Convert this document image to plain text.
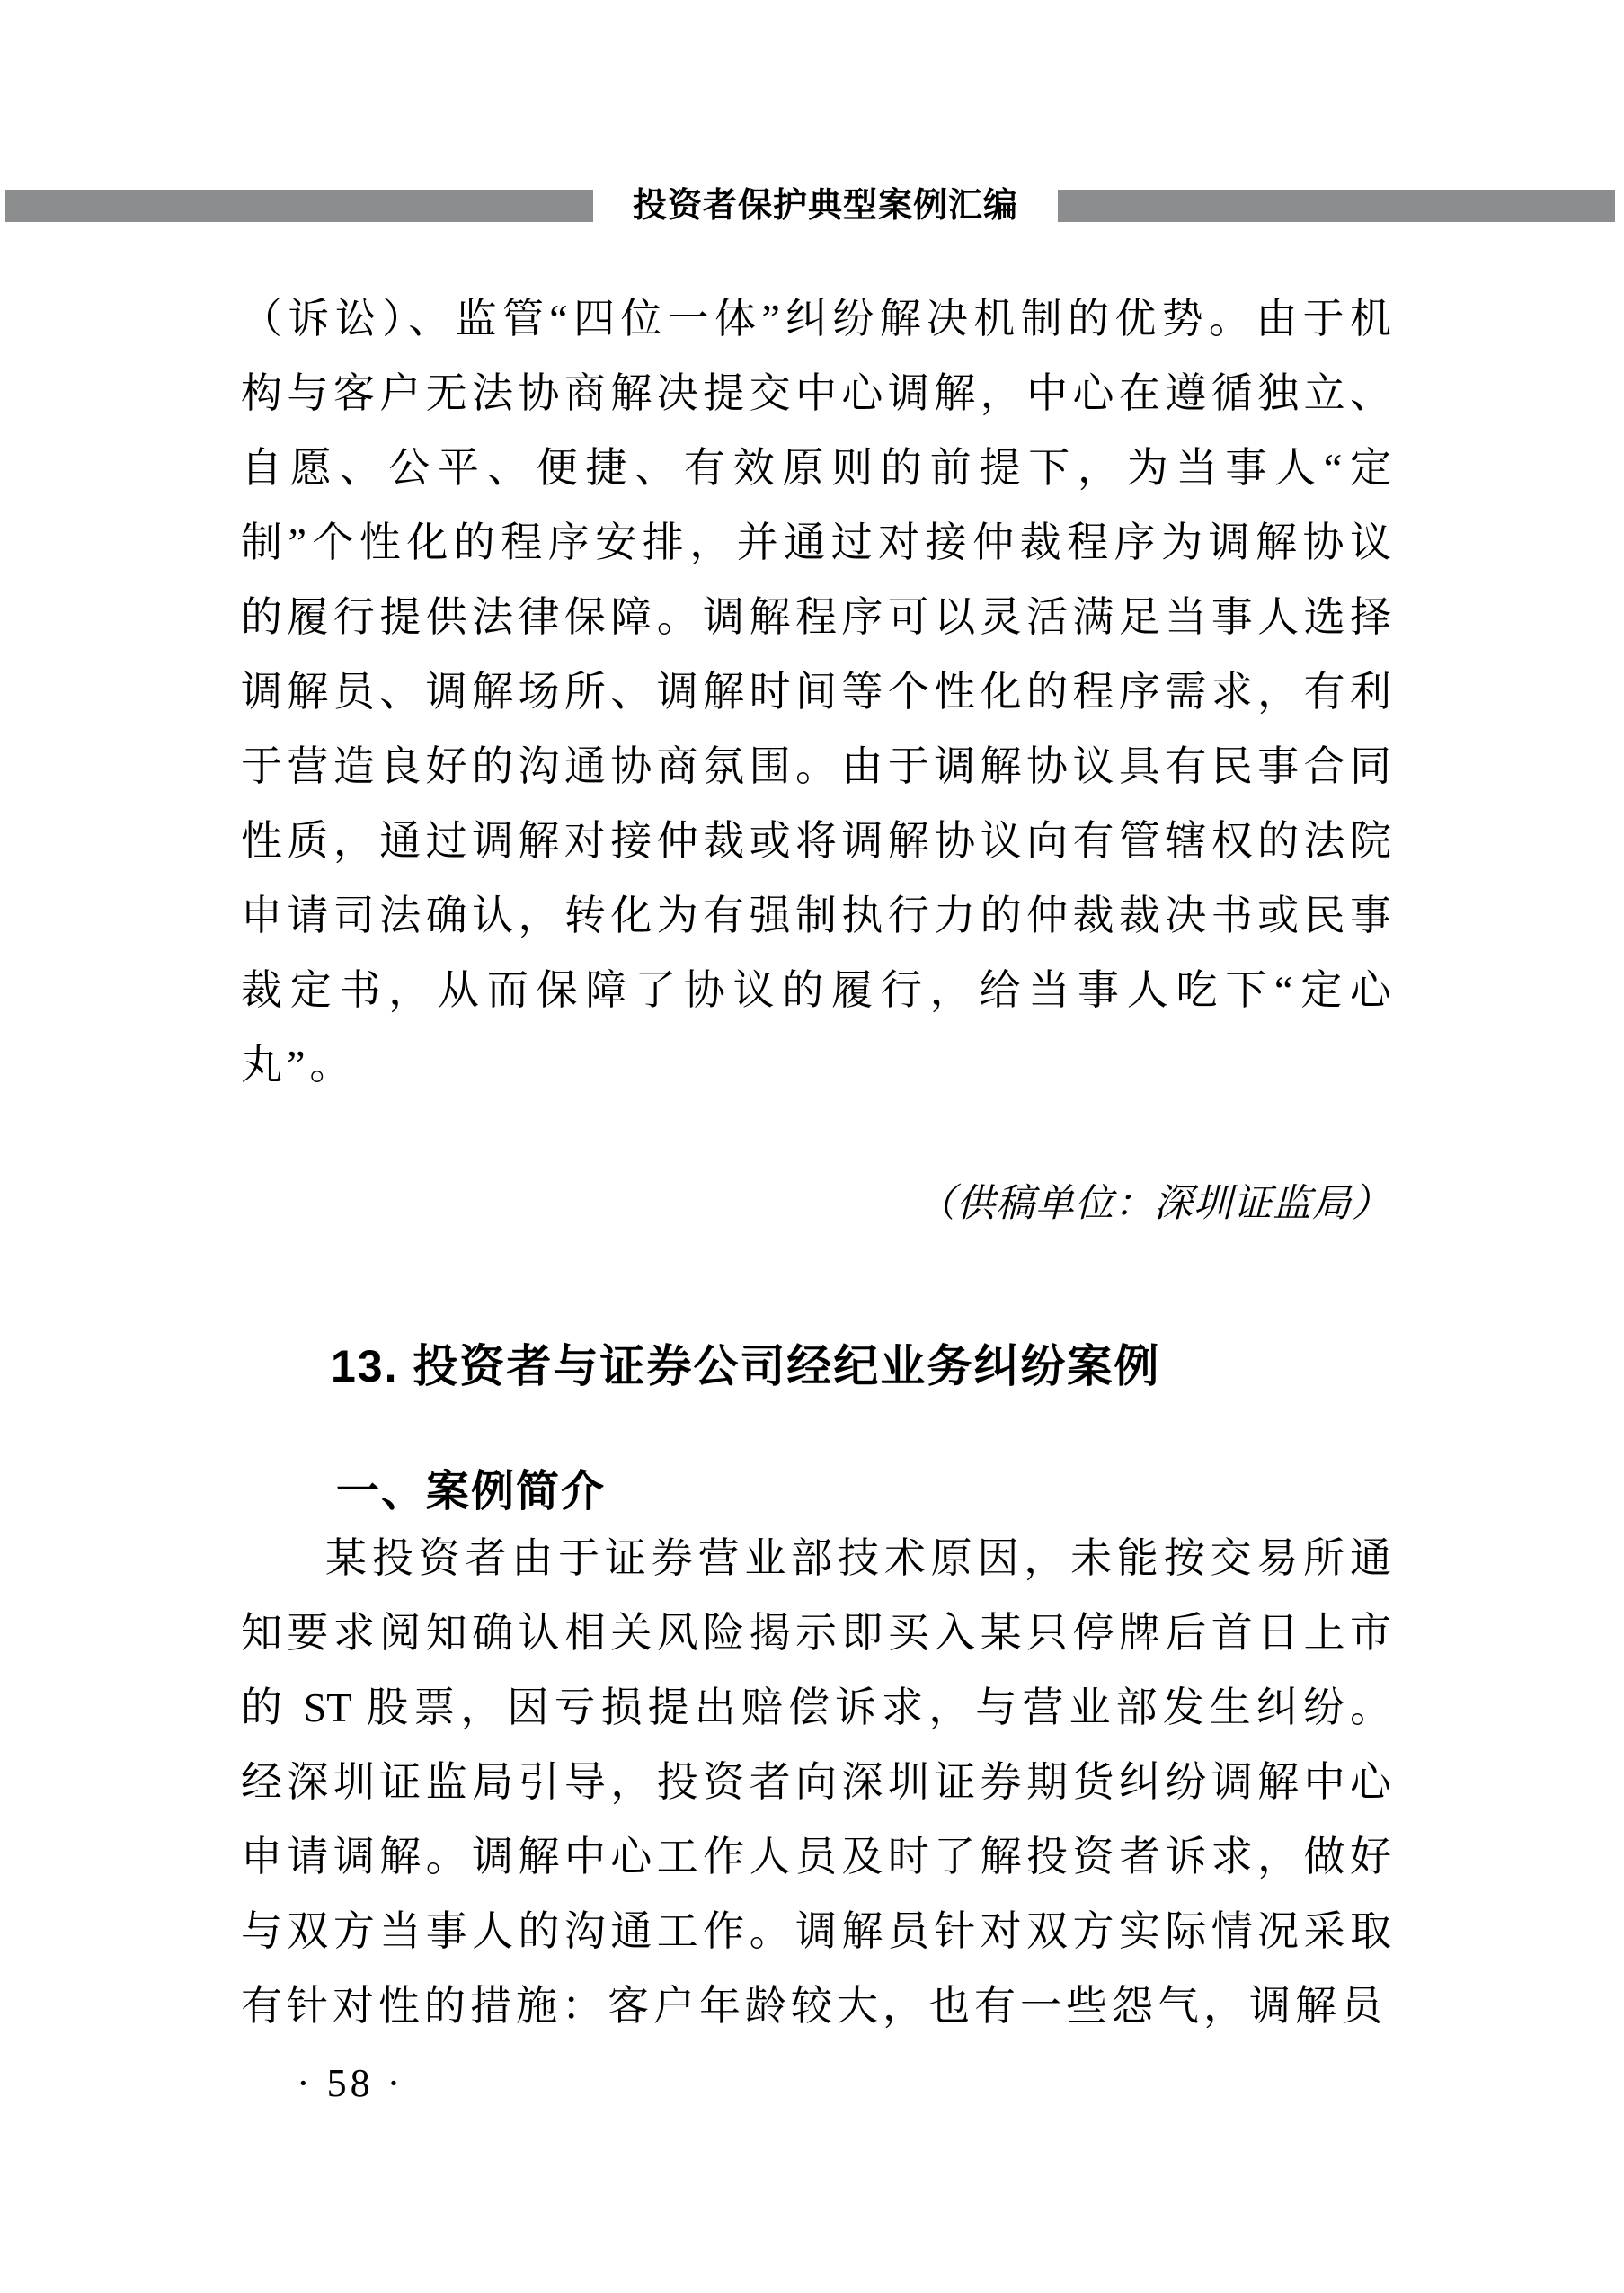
投资者保护典型案例汇编
（诉讼）、监管“四位一体”纠纷解决机制的优势。由于机
构与客户无法协商解决提交中心调解，中心在遵循独立、
自愿、公平、便捷、有效原则的前提下，为当事人“定
制”个性化的程序安排，并通过对接仲裁程序为调解协议
的履行提供法律保障。调解程序可以灵活满足当事人选择
调解员、调解场所、调解时间等个性化的程序需求，有利
于营造良好的沟通协商氛围。由于调解协议具有民事合同
性质，通过调解对接仲裁或将调解协议向有管辖权的法院
申请司法确认，转化为有强制执行力的仲裁裁决书或民事
裁定书，从而保障了协议的履行，给当事人吃下“定心
丸”。
（供稿单位：深圳证监局）
13. 投资者与证券公司经纪业务纠纷案例
一、案例简介
某投资者由于证券营业部技术原因，未能按交易所通
知要求阅知确认相关风险揭示即买入某只停牌后首日上市
的 ST 股票，因亏损提出赔偿诉求，与营业部发生纠纷。
经深圳证监局引导，投资者向深圳证券期货纠纷调解中心
申请调解。调解中心工作人员及时了解投资者诉求，做好
与双方当事人的沟通工作。调解员针对双方实际情况采取
有针对性的措施：客户年龄较大，也有一些怨气，调解员
· 58 ·
